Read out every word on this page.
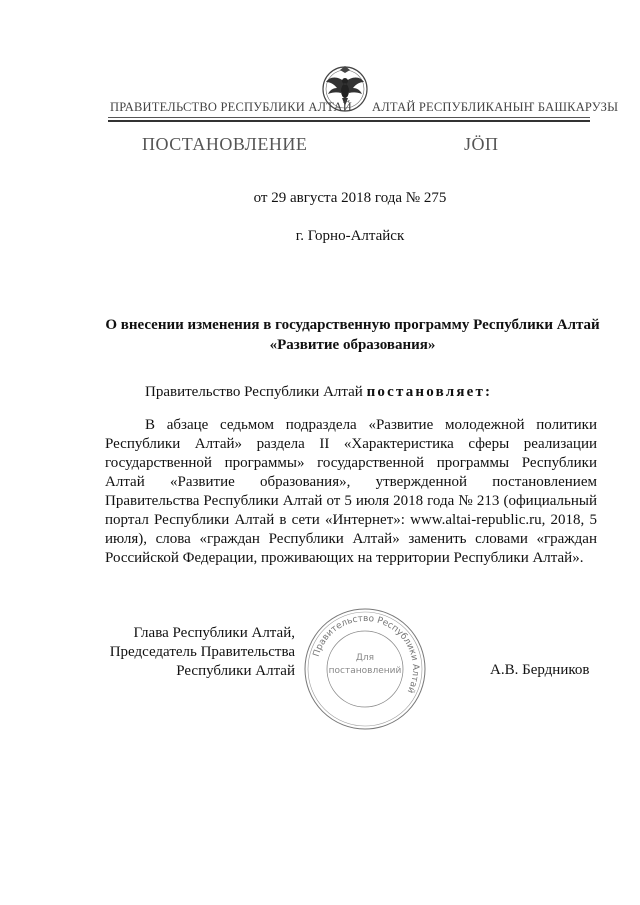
ПРАВИТЕЛЬСТВО РЕСПУБЛИКИ АЛТАЙ АЛТАЙ РЕСПУБЛИКАНЫҤ БАШКАРУЗЫ
ПОСТАНОВЛЕНИЕ	ЈӦП
от 29 августа 2018 года № 275
г. Горно-Алтайск
О внесении изменения в государственную программу Республики Алтай «Развитие образования»
Правительство Республики Алтай постановляет:
В абзаце седьмом подраздела «Развитие молодежной политики Республики Алтай» раздела II «Характеристика сферы реализации государственной программы» государственной программы Республики Алтай «Развитие образования», утвержденной постановлением Правительства Республики Алтай от 5 июля 2018 года № 213 (официальный портал Республики Алтай в сети «Интернет»: www.altai-republic.ru, 2018, 5 июля), слова «граждан Республики Алтай» заменить словами «граждан Российской Федерации, проживающих на территории Республики Алтай».
Глава Республики Алтай,
Председатель Правительства
Республики Алтай	А.В. Бердников
Правительство Республики Алтай
Для
постановлений
